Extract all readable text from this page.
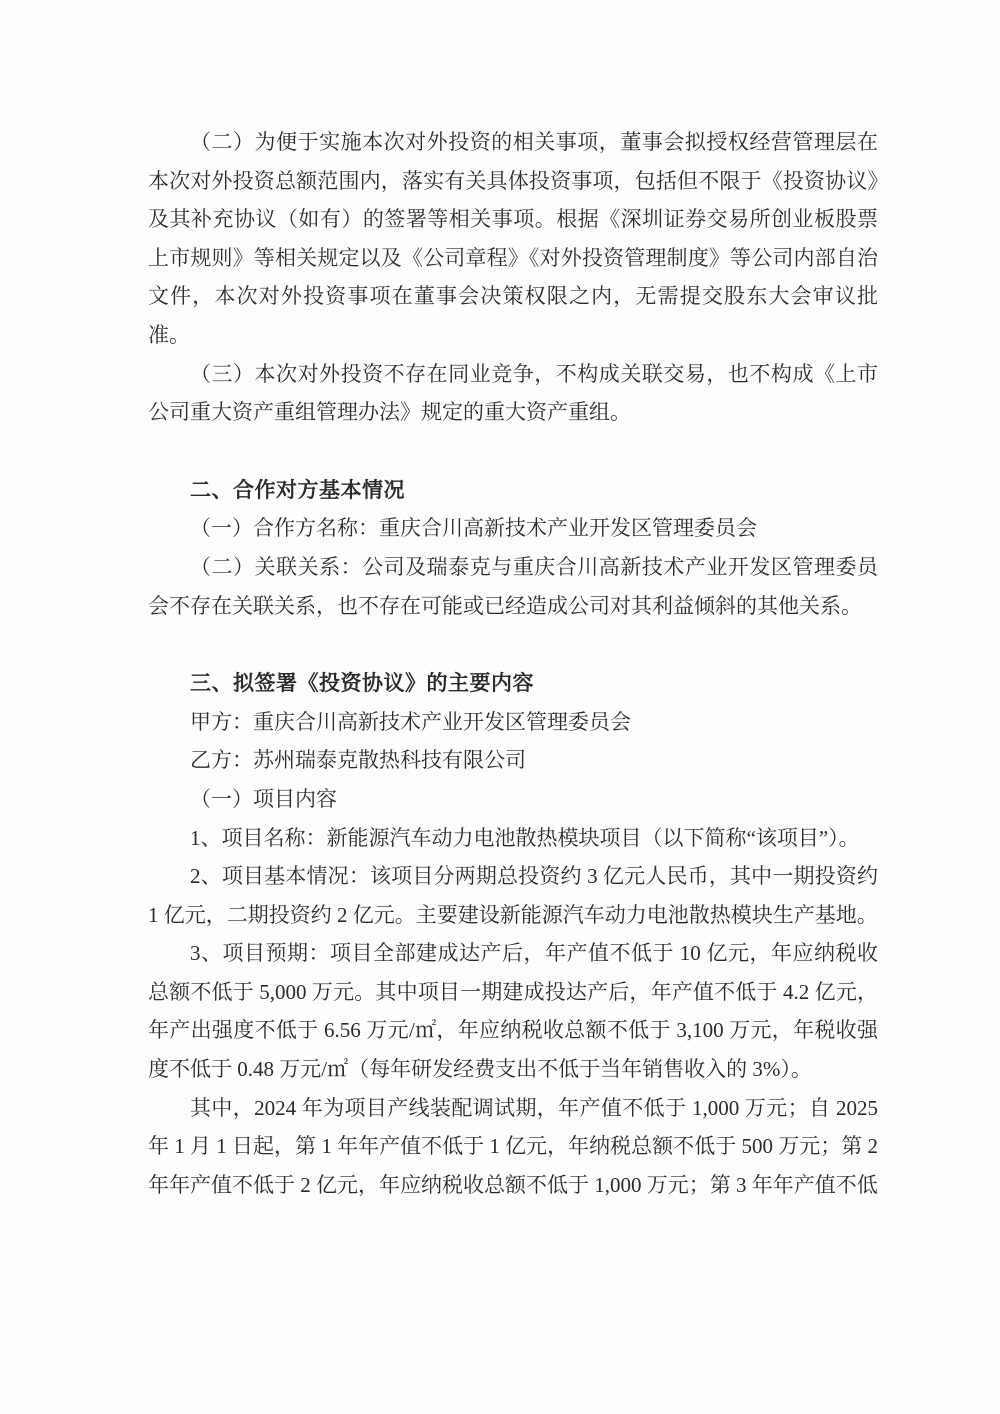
（二）为便于实施本次对外投资的相关事项，董事会拟授权经营管理层在本次对外投资总额范围内，落实有关具体投资事项，包括但不限于《投资协议》及其补充协议（如有）的签署等相关事项。根据《深圳证券交易所创业板股票上市规则》等相关规定以及《公司章程》《对外投资管理制度》等公司内部自治文件，本次对外投资事项在董事会决策权限之内，无需提交股东大会审议批准。

（三）本次对外投资不存在同业竞争，不构成关联交易，也不构成《上市公司重大资产重组管理办法》规定的重大资产重组。

二、合作对方基本情况

（一）合作方名称：重庆合川高新技术产业开发区管理委员会

（二）关联关系：公司及瑞泰克与重庆合川高新技术产业开发区管理委员会不存在关联关系，也不存在可能或已经造成公司对其利益倾斜的其他关系。

三、拟签署《投资协议》的主要内容

甲方：重庆合川高新技术产业开发区管理委员会

乙方：苏州瑞泰克散热科技有限公司

（一）项目内容

1、项目名称：新能源汽车动力电池散热模块项目（以下简称“该项目”）。

2、项目基本情况：该项目分两期总投资约 3 亿元人民币，其中一期投资约 1 亿元，二期投资约 2 亿元。主要建设新能源汽车动力电池散热模块生产基地。

3、项目预期：项目全部建成达产后，年产值不低于 10 亿元，年应纳税收总额不低于 5,000 万元。其中项目一期建成投达产后，年产值不低于 4.2 亿元，年产出强度不低于 6.56 万元/㎡，年应纳税收总额不低于 3,100 万元，年税收强度不低于 0.48 万元/㎡（每年研发经费支出不低于当年销售收入的 3%）。

其中，2024 年为项目产线装配调试期，年产值不低于 1,000 万元；自 2025 年 1 月 1 日起，第 1 年年产值不低于 1 亿元，年纳税总额不低于 500 万元；第 2 年年产值不低于 2 亿元，年应纳税收总额不低于 1,000 万元；第 3 年年产值不低
